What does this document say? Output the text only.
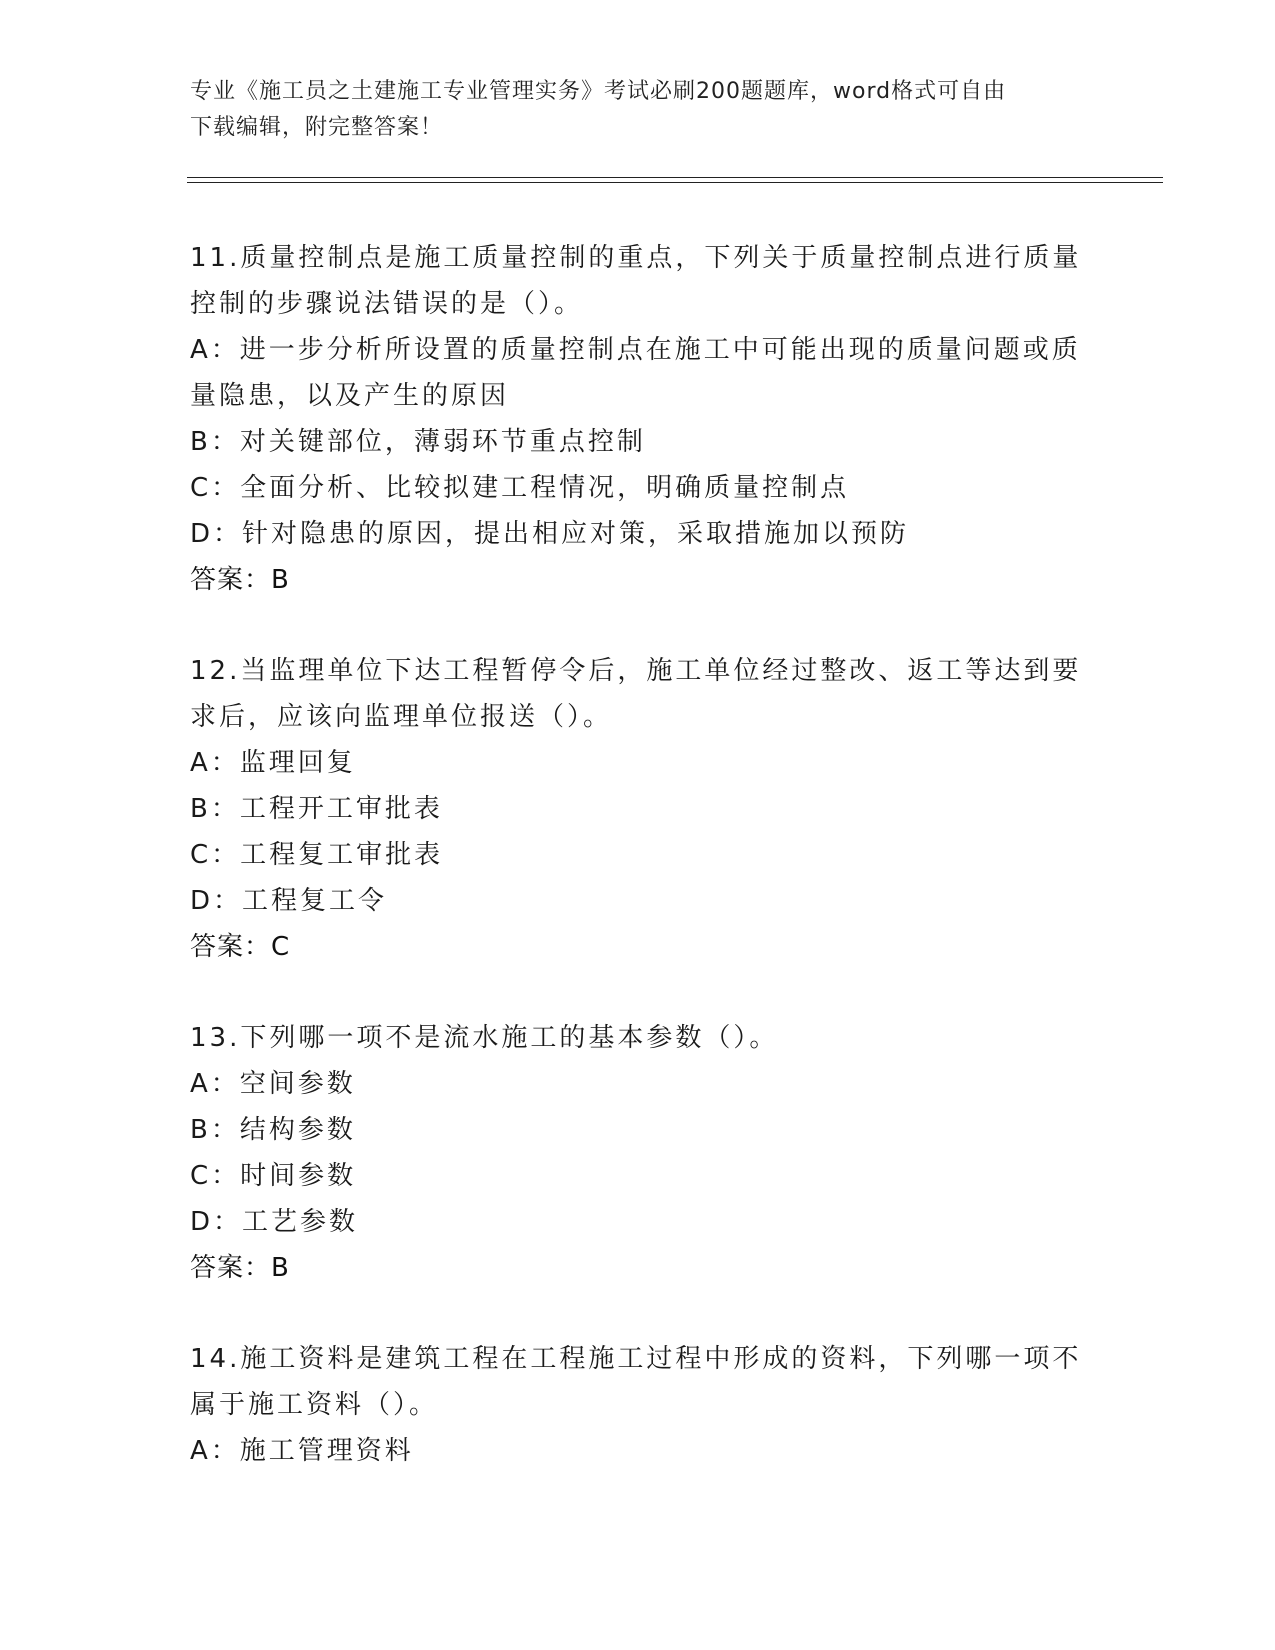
专业《施工员之土建施工专业管理实务》考试必刷200题题库，word格式可自由
下载编辑，附完整答案！
11.质量控制点是施工质量控制的重点，下列关于质量控制点进行质量
控制的步骤说法错误的是（）。
A：进一步分析所设置的质量控制点在施工中可能出现的质量问题或质
量隐患，以及产生的原因
B：对关键部位，薄弱环节重点控制
C：全面分析、比较拟建工程情况，明确质量控制点
D：针对隐患的原因，提出相应对策，采取措施加以预防
答案：B
12.当监理单位下达工程暂停令后，施工单位经过整改、返工等达到要
求后，应该向监理单位报送（）。
A：监理回复
B：工程开工审批表
C：工程复工审批表
D：工程复工令
答案：C
13.下列哪一项不是流水施工的基本参数（）。
A：空间参数
B：结构参数
C：时间参数
D：工艺参数
答案：B
14.施工资料是建筑工程在工程施工过程中形成的资料，下列哪一项不
属于施工资料（）。
A：施工管理资料
